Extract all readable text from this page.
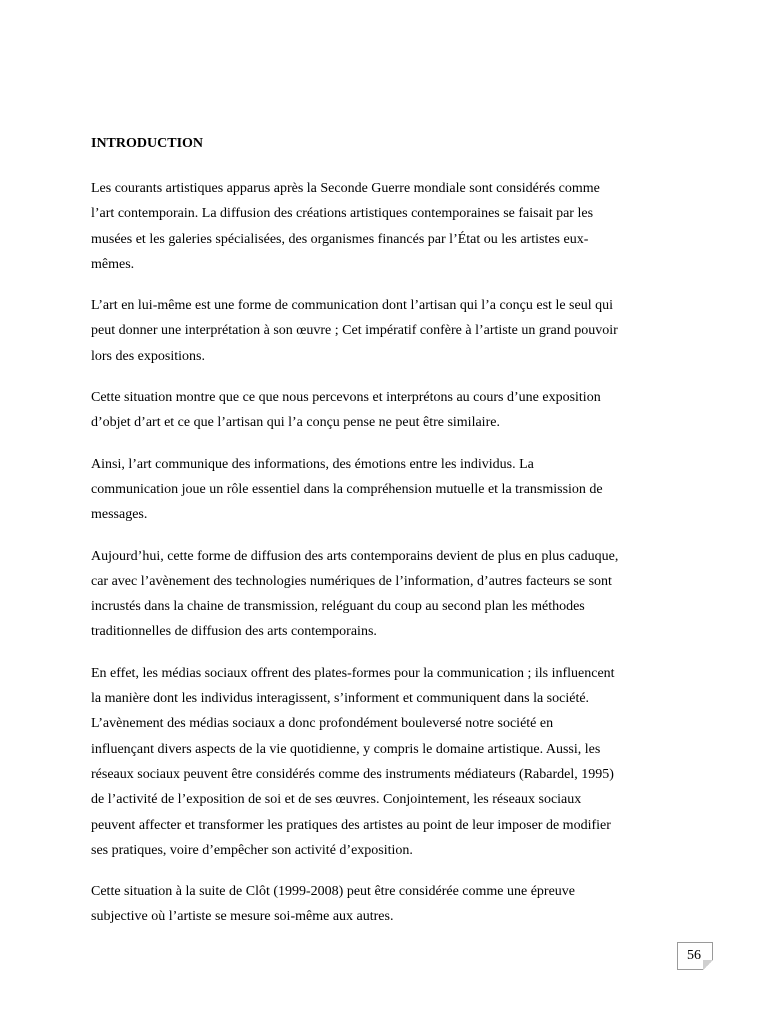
INTRODUCTION
Les courants artistiques apparus après la Seconde Guerre mondiale sont considérés comme
l’art contemporain. La diffusion des créations artistiques contemporaines se faisait par les
musées et les galeries spécialisées, des organismes financés par l’État ou les artistes eux-
mêmes.
L’art en lui-même est une forme de communication dont l’artisan qui l’a conçu est le seul qui
peut donner une interprétation à son œuvre ; Cet impératif confère à l’artiste un grand pouvoir
lors des expositions.
Cette situation montre que ce que nous percevons et interprétons au cours d’une exposition
d’objet d’art et ce que l’artisan qui l’a conçu pense ne peut être similaire.
Ainsi, l’art communique des informations, des émotions entre les individus. La
communication joue un rôle essentiel dans la compréhension mutuelle et la transmission de
messages.
Aujourd’hui, cette forme de diffusion des arts contemporains devient de plus en plus caduque,
car avec l’avènement des technologies numériques de l’information, d’autres facteurs se sont
incrustés dans la chaine de transmission, reléguant du coup au second plan les méthodes
traditionnelles de diffusion des arts contemporains.
En effet, les médias sociaux offrent des plates-formes pour la communication ; ils influencent
la manière dont les individus interagissent, s’informent et communiquent dans la société.
L’avènement des médias sociaux a donc profondément bouleversé notre société en
influençant divers aspects de la vie quotidienne, y compris le domaine artistique. Aussi, les
réseaux sociaux peuvent être considérés comme des instruments médiateurs (Rabardel, 1995)
de l’activité de l’exposition de soi et de ses œuvres. Conjointement, les réseaux sociaux
peuvent affecter et transformer les pratiques des artistes au point de leur imposer de modifier
ses pratiques, voire d’empêcher son activité d’exposition.
Cette situation à la suite de Clôt (1999-2008) peut être considérée comme une épreuve
subjective où l’artiste se mesure soi-même aux autres.
56
